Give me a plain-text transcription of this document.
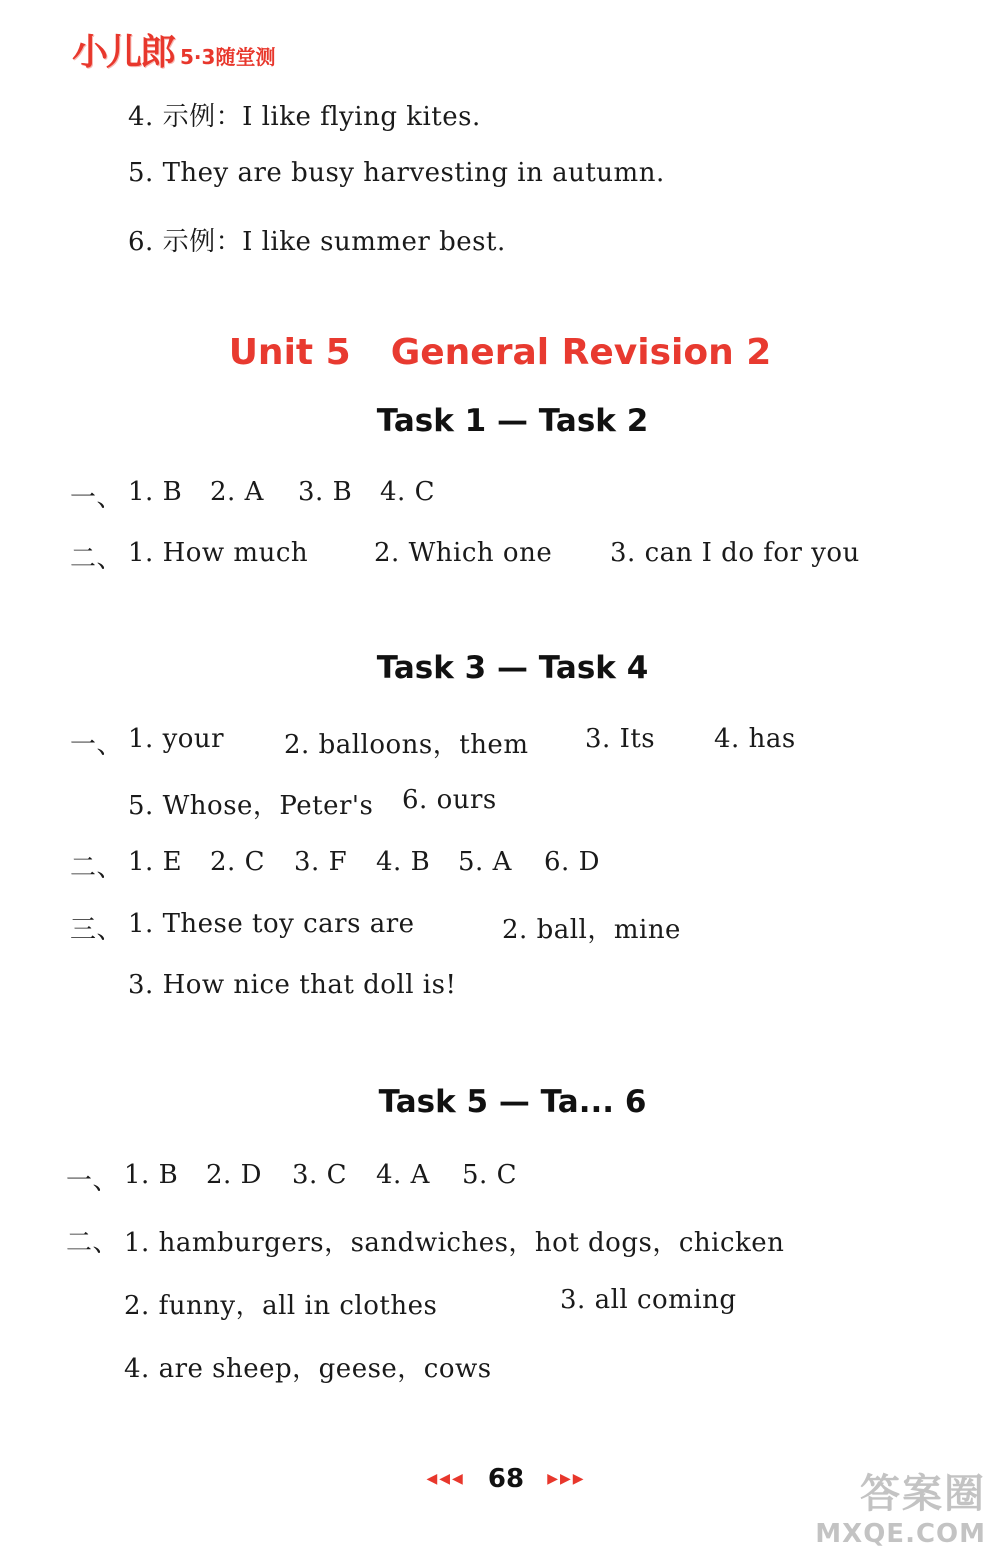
小儿郎 5·3随堂测
4. 示例：I like flying kites.
5. They are busy harvesting in autumn.
6. 示例：I like summer best.
Unit 5 General Revision 2
Task 1 — Task 2
一、 1. B 2. A 3. B 4. C
二、 1. How much	2. Which one 3. can I do for you
Task 3 — Task 4
一、 1. your 2. balloons，them 3. Its 4. has
5. Whose，Peter's 6. ours
二、 1. E 2. C 3. F 4. B 5. A 6. D
三、 1. These toy cars are	2. ball，mine
3. How nice that doll is!
Task 5 — Ta... 6
一、 1. B 2. D 3. C 4. A 5. C
二、 1. hamburgers，sandwiches，hot dogs，chicken
2. funny，all in clothes	3. all coming
4. are sheep，geese，cows
◀◀◀ 68 ▶▶▶	答案圈
MXQE.COM
